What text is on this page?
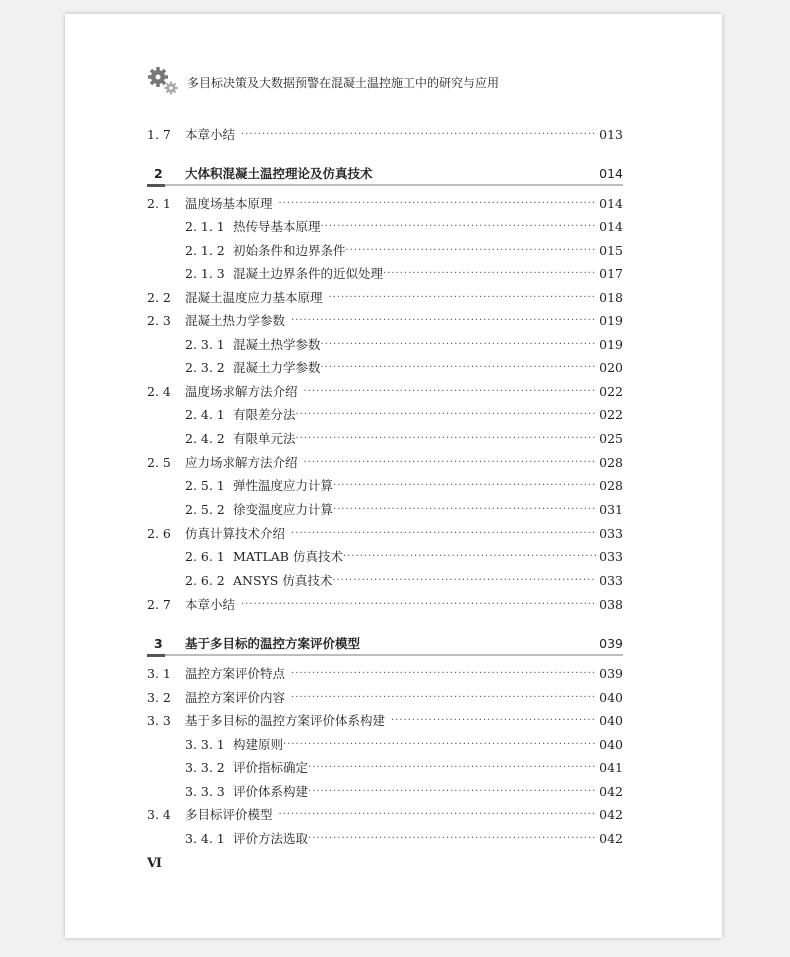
多目标决策及大数据预警在混凝土温控施工中的研究与应用
1. 7	本章小结 ·····	013
2	大体积混凝土温控理论及仿真技术	014
2. 1	温度场基本原理 ·····	014
2. 1. 1 热传导基本原理 ·····	014
2. 1. 2 初始条件和边界条件 ·····	015
2. 1. 3 混凝土边界条件的近似处理 ·····	017
2. 2	混凝土温度应力基本原理 ·····	018
2. 3	混凝土热力学参数 ·····	019
2. 3. 1 混凝土热学参数 ·····	019
2. 3. 2 混凝土力学参数 ·····	020
2. 4	温度场求解方法介绍 ·····	022
2. 4. 1 有限差分法 ·····	022
2. 4. 2 有限单元法 ·····	025
2. 5	应力场求解方法介绍 ·····	028
2. 5. 1 弹性温度应力计算 ·····	028
2. 5. 2 徐变温度应力计算 ·····	031
2. 6	仿真计算技术介绍 ·····	033
2. 6. 1 MATLAB 仿真技术 ·····	033
2. 6. 2 ANSYS 仿真技术 ·····	033
2. 7	本章小结 ·····	038
3	基于多目标的温控方案评价模型	039
3. 1	温控方案评价特点 ·····	039
3. 2	温控方案评价内容 ·····	040
3. 3	基于多目标的温控方案评价体系构建 ·····	040
3. 3. 1 构建原则 ·····	040
3. 3. 2 评价指标确定 ·····	041
3. 3. 3 评价体系构建 ·····	042
3. 4	多目标评价模型 ·····	042
3. 4. 1 评价方法选取 ·····	042
Ⅵ
